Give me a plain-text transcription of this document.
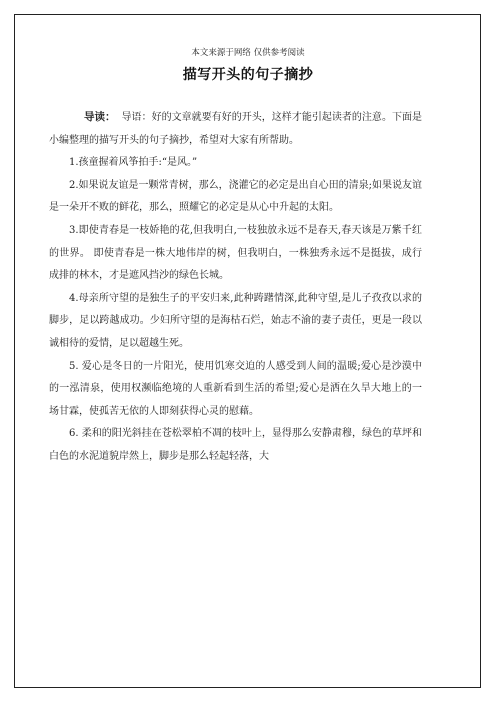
本文来源于网络 仅供参考阅读
描写开头的句子摘抄

导读： 导语：好的文章就要有好的开头，这样才能引起读者的注意。下面是小编整理的描写开头的句子摘抄，希望对大家有所帮助。

1.孩童握着风筝拍手:“是风。”

2.如果说友谊是一颗常青树，那么，浇灌它的必定是出自心田的清泉;如果说友谊是一朵开不败的鲜花，那么，照耀它的必定是从心中升起的太阳。

3.即使青春是一枝娇艳的花,但我明白,一枝独放永远不是春天,春天该是万紫千红的世界。 即使青春是一株大地伟岸的树，但我明白，一株独秀永远不是挺拔，成行成排的林木，才是遮风挡沙的绿色长城。

4.母亲所守望的是独生子的平安归来,此种踌躇情深,此种守望,是儿子孜孜以求的脚步，足以跨越成功。少妇所守望的是海枯石烂，始志不渝的妻子责任，更是一段以诚相待的爱情，足以超越生死。

5. 爱心是冬日的一片阳光，使用饥寒交迫的人感受到人间的温暖;爱心是沙漠中的一泓清泉，使用权濒临绝境的人重新看到生活的希望;爱心是洒在久旱大地上的一场甘霖，使孤苦无依的人即刻获得心灵的慰藉。

6. 柔和的阳光斜挂在苍松翠柏不凋的枝叶上，显得那么安静肃穆，绿色的草坪和白色的水泥道貌岸然上，脚步是那么轻起轻落，大
